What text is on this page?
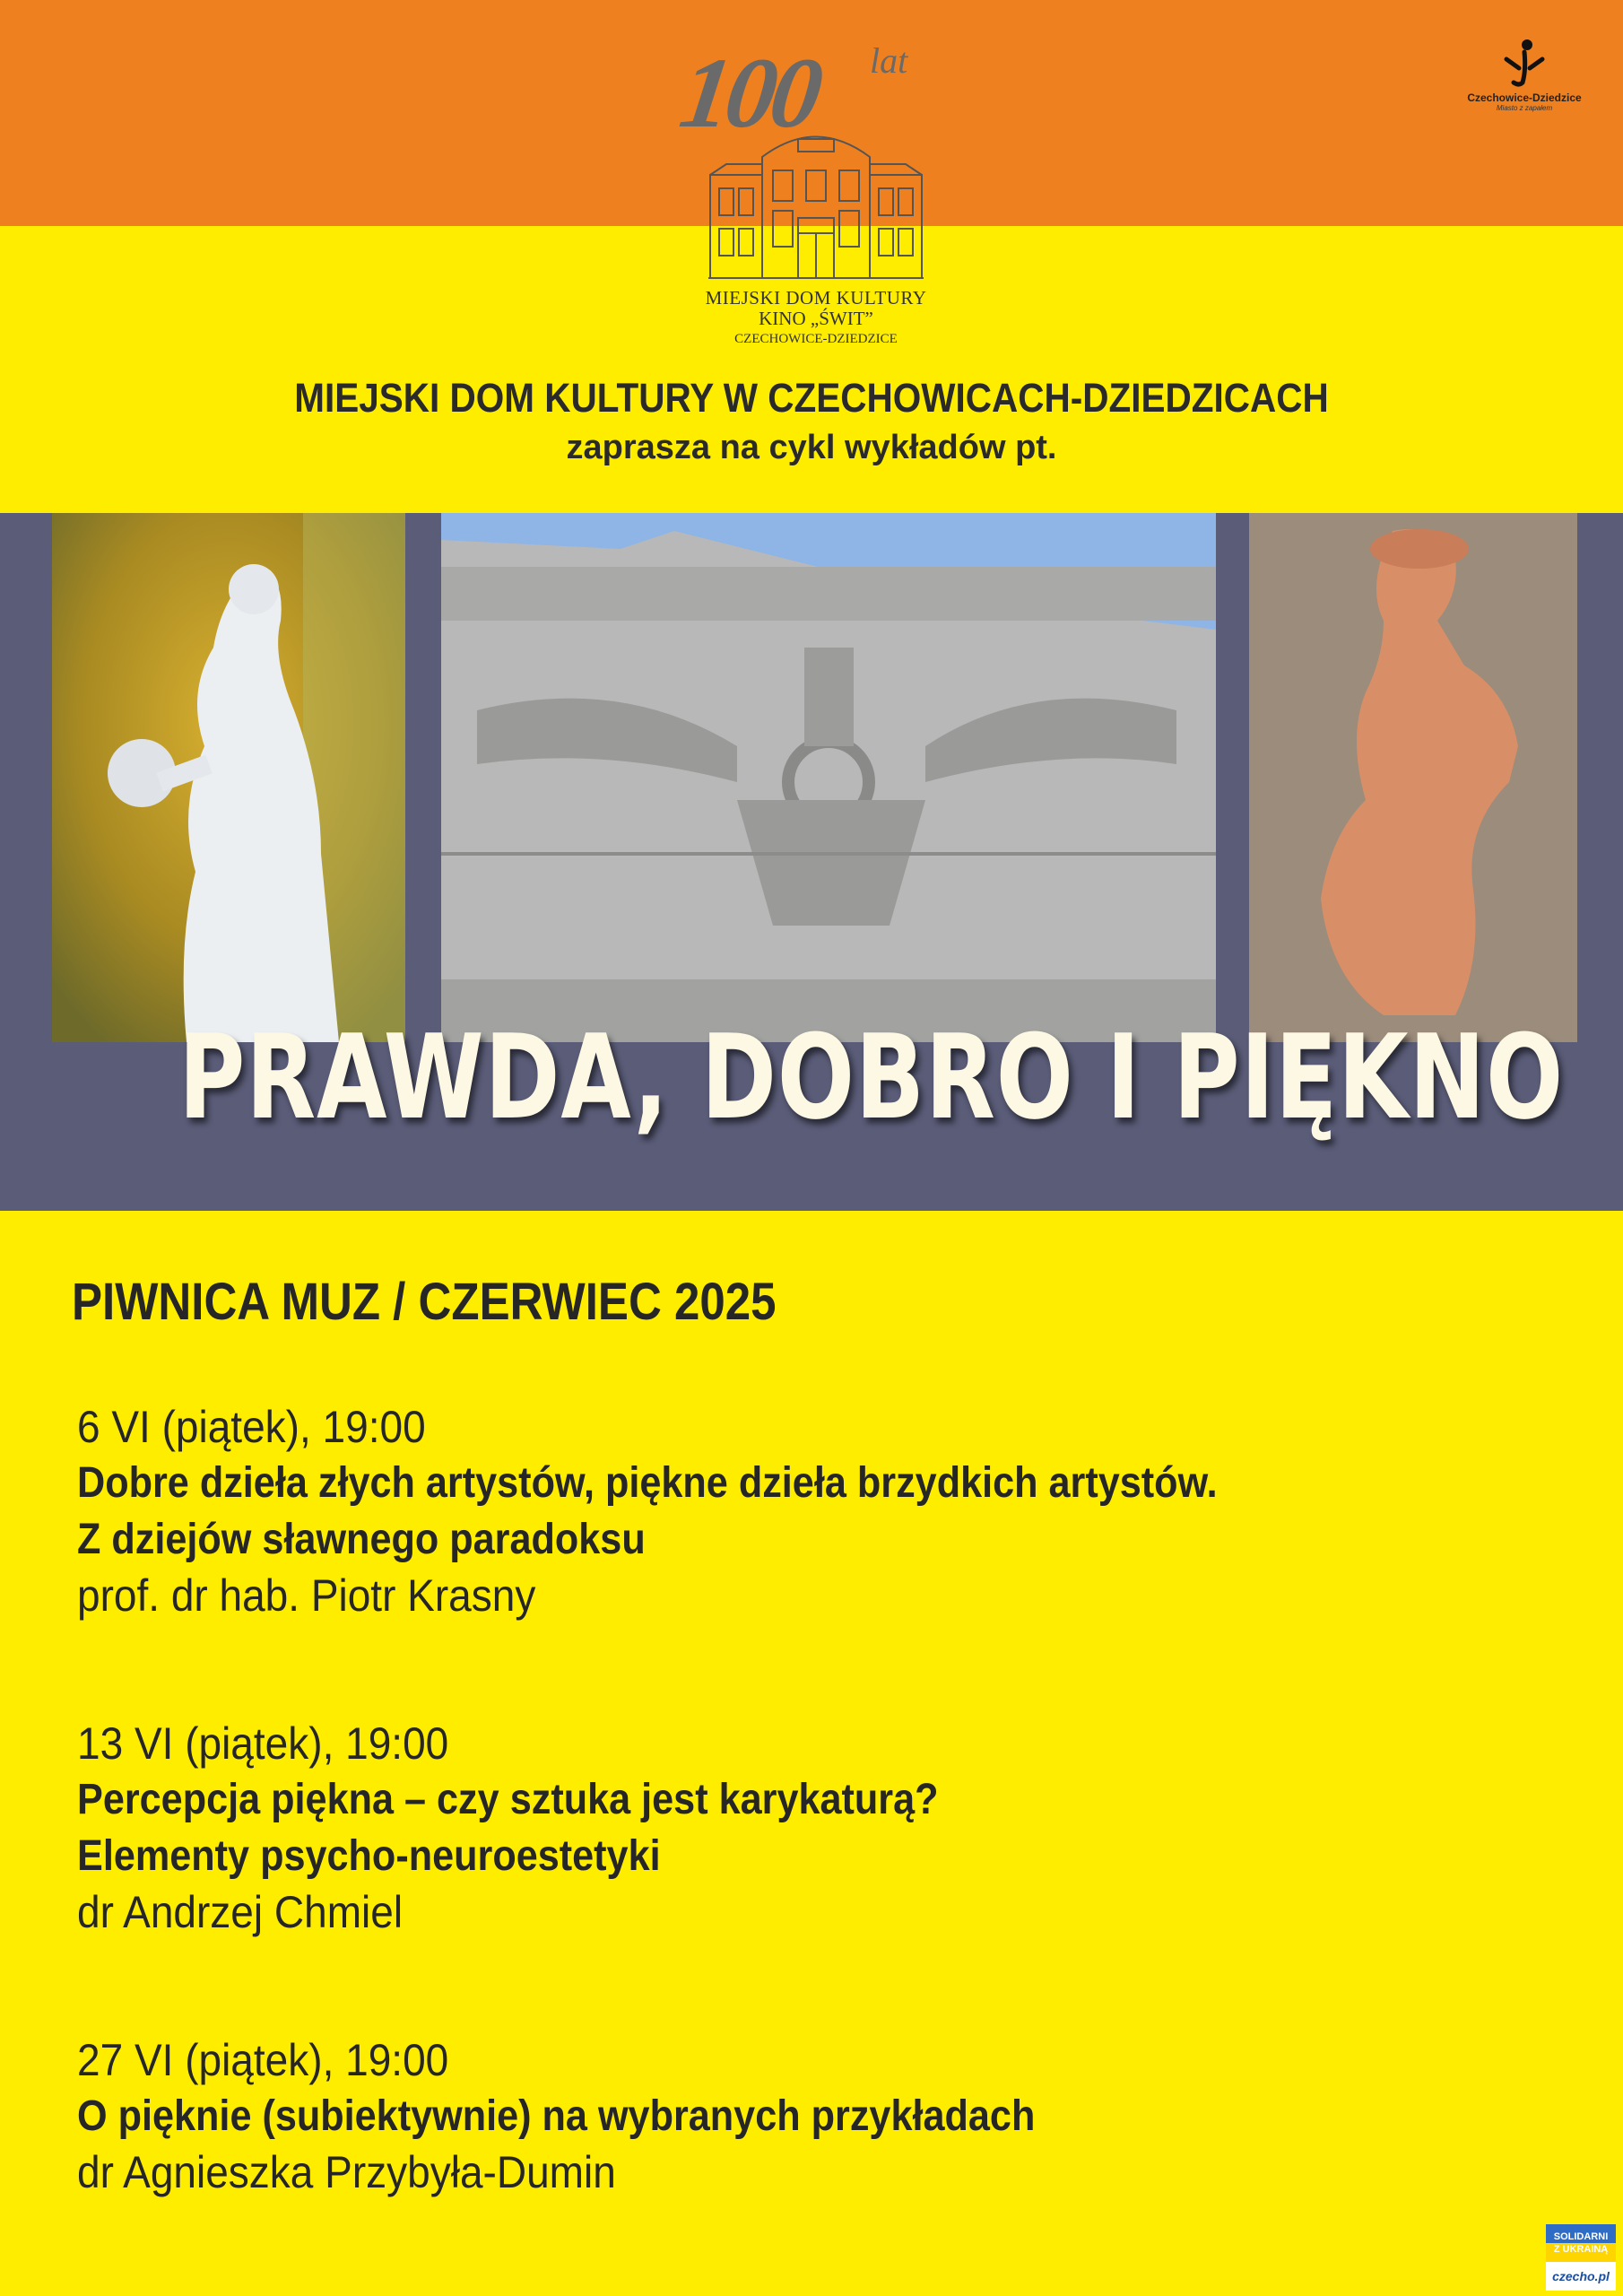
100 lat
MIEJSKI DOM KULTURY
KINO „ŚWIT”
CZECHOWICE-DZIEDZICE
Czechowice-Dziedzice
Miasto z zapałem
MIEJSKI DOM KULTURY W CZECHOWICACH-DZIEDZICACH
zaprasza na cykl wykładów pt.
PRAWDA, DOBRO I PIĘKNO
PIWNICA MUZ / CZERWIEC 2025
6 VI (piątek), 19:00
Dobre dzieła złych artystów, piękne dzieła brzydkich artystów.
Z dziejów sławnego paradoksu
prof. dr hab. Piotr Krasny
13 VI (piątek), 19:00
Percepcja piękna – czy sztuka jest karykaturą?
Elementy psycho-neuroestetyki
dr Andrzej Chmiel
27 VI (piątek), 19:00
O pięknie (subiektywnie) na wybranych przykładach
dr Agnieszka Przybyła-Dumin
SOLIDARNI
Z UKRAINĄ
czecho.pl
